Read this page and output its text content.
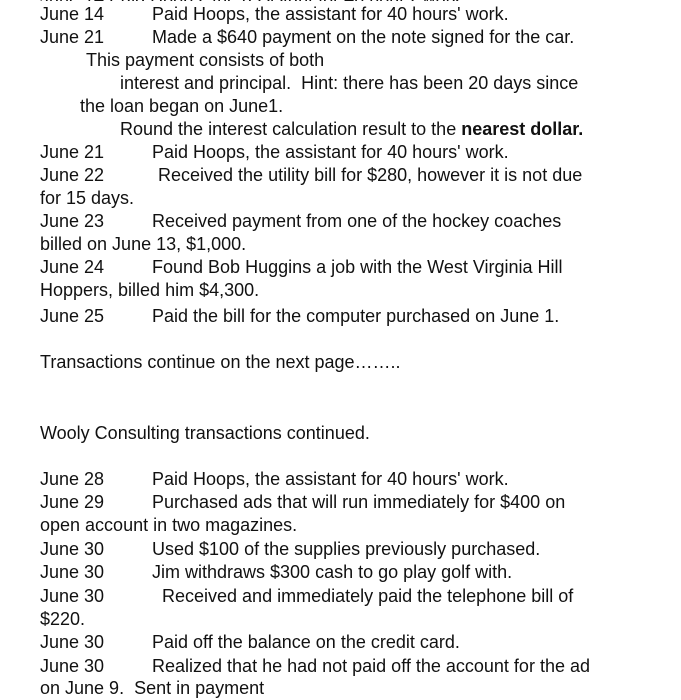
June 14	Paid Hoops, the assistant for 40 hours' work.
June 21	Made a $640 payment on the note signed for the car.
This payment consists of both
interest and principal.  Hint: there has been 20 days since
the loan began on June1.
Round the interest calculation result to the nearest dollar.
June 21	Paid Hoops, the assistant for 40 hours' work.
June 22	Received the utility bill for $280, however it is not due
for 15 days.
June 23	Received payment from one of the hockey coaches
billed on June 13, $1,000.
June 24	Found Bob Huggins a job with the West Virginia Hill
Hoppers, billed him $4,300.
June 25	Paid the bill for the computer purchased on June 1.
Transactions continue on the next page……..
Wooly Consulting transactions continued.
June 28	Paid Hoops, the assistant for 40 hours' work.
June 29	Purchased ads that will run immediately for $400 on
open account in two magazines.
June 30	Used $100 of the supplies previously purchased.
June 30	Jim withdraws $300 cash to go play golf with.
June 30	Received and immediately paid the telephone bill of
$220.
June 30	Paid off the balance on the credit card.
June 30	Realized that he had not paid off the account for the ad
on June 9.  Sent in payment
